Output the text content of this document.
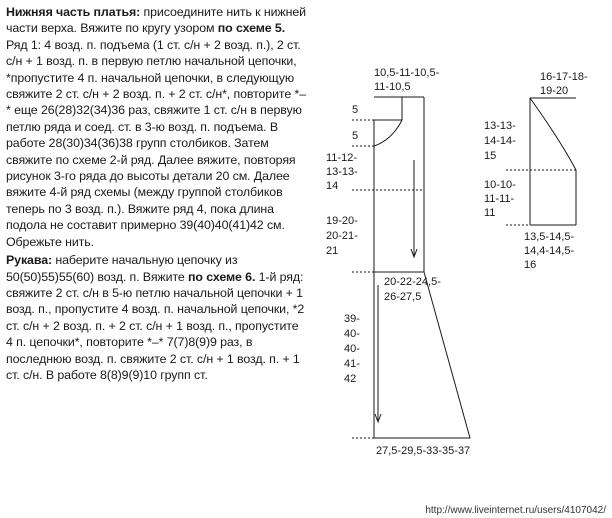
Нижняя часть платья: присоедините нить к нижней части верха. Вяжите по кругу узором по схеме 5. Ряд 1: 4 возд. п. подъема (1 ст. с/н + 2 возд. п.), 2 ст. с/н + 1 возд. п. в первую петлю начальной цепочки, *пропустите 4 п. начальной цепочки, в следующую свяжите 2 ст. с/н + 2 возд. п. + 2 ст. с/н*, повторите *–* еще 26(28)32(34)36 раз, свяжите 1 ст. с/н в первую петлю ряда и соед. ст. в 3-ю возд. п. подъема. В работе 28(30)34(36)38 групп столбиков. Затем свяжите по схеме 2-й ряд. Далее вяжите, повторяя рисунок 3-го ряда до высоты детали 20 см. Далее вяжите 4-й ряд схемы (между группой столбиков теперь по 3 возд. п.). Вяжите ряд 4, пока длина подола не составит примерно 39(40)40(41)42 см. Обрежьте нить.

Рукава: наберите начальную цепочку из 50(50)55)55(60) возд. п. Вяжите по схеме 6. 1-й ряд: свяжите 2 ст. с/н в 5-ю петлю начальной цепочки + 1 возд. п., пропустите 4 возд. п. начальной цепочки, *2 ст. с/н + 2 возд. п. + 2 ст. с/н + 1 возд. п., пропустите 4 п. цепочки*, повторите *–* 7(7)8(9)9 раз, в последнюю возд. п. свяжите 2 ст. с/н + 1 возд. п. + 1 ст. с/н. В работе 8(8)9(9)10 групп ст.

10,5-11-10,5-
11-10,5
5
5
11-12-
13-13-
14
19-20-
20-21-
21
20-22-24,5-
26-27,5
39-
40-
40-
41-
42
27,5-29,5-33-35-37
16-17-18-
19-20
13-13-
14-14-
15
10-10-
11-11-
11
13,5-14,5-
14,4-14,5-
16
http://www.liveinternet.ru/users/4107042/
